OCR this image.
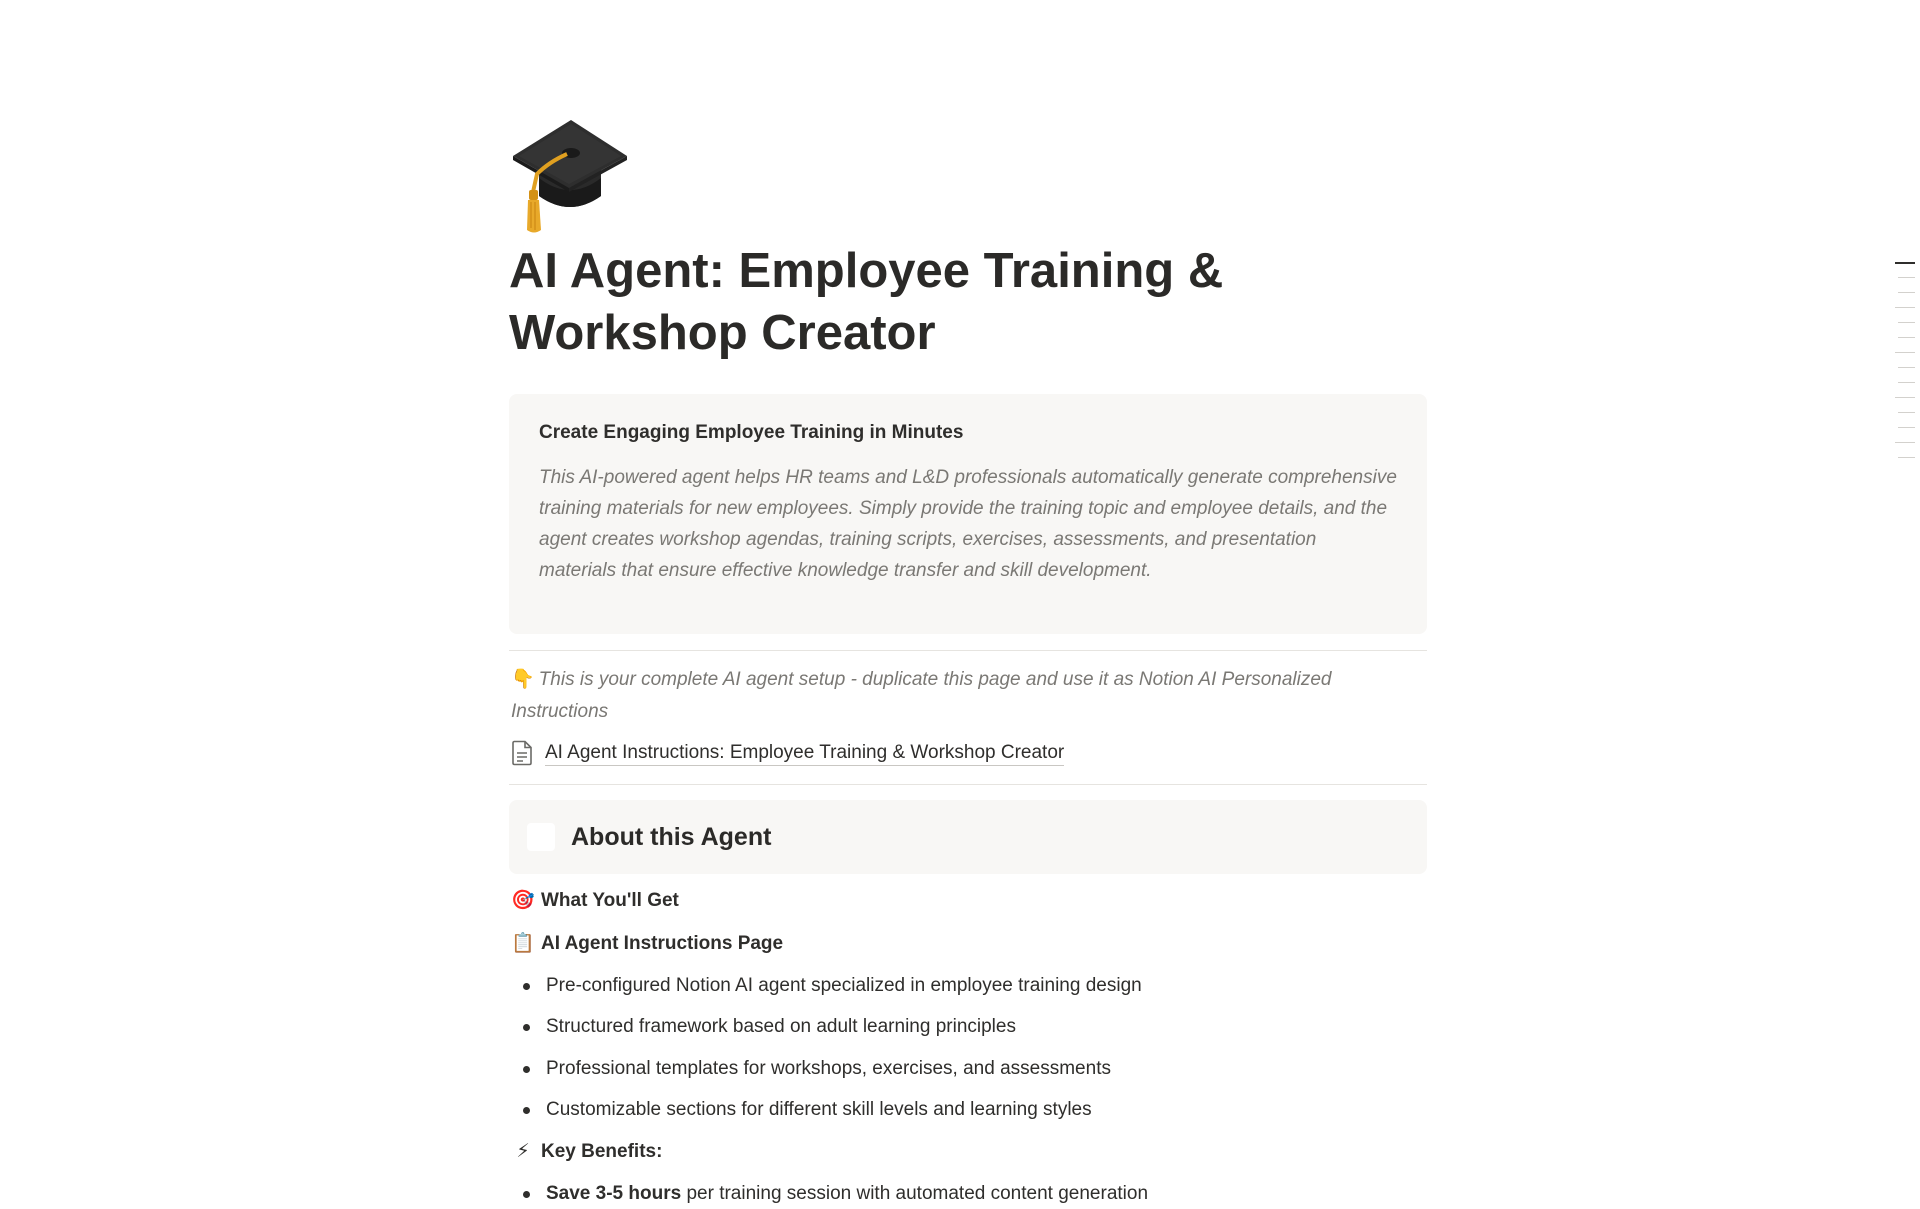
AI Agent: Employee Training & Workshop Creator
Create Engaging Employee Training in Minutes
This AI-powered agent helps HR teams and L&D professionals automatically generate comprehensive training materials for new employees. Simply provide the training topic and employee details, and the agent creates workshop agendas, training scripts, exercises, assessments, and presentation materials that ensure effective knowledge transfer and skill development.
👇 This is your complete AI agent setup - duplicate this page and use it as Notion AI Personalized Instructions
AI Agent Instructions: Employee Training & Workshop Creator
About this Agent
🎯 What You'll Get
📋 AI Agent Instructions Page
Pre-configured Notion AI agent specialized in employee training design
Structured framework based on adult learning principles
Professional templates for workshops, exercises, and assessments
Customizable sections for different skill levels and learning styles
⚡ Key Benefits:
Save 3-5 hours per training session with automated content generation
